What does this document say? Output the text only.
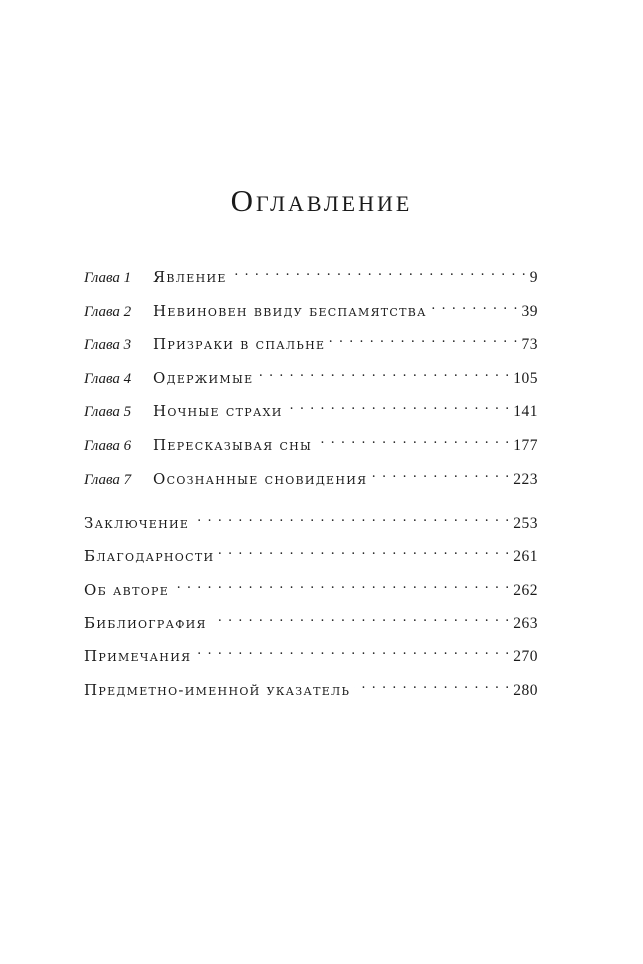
Оглавление
Глава 1	Явление . . .	9
Глава 2	Невиновен ввиду беспамятства . . .	39
Глава 3	Призраки в спальне . . .	73
Глава 4	Одержимые . . .	105
Глава 5	Ночные страхи . . .	141
Глава 6	Пересказывая сны . . .	177
Глава 7	Осознанные сновидения . . .	223
Заключение . . .	253
Благодарности . . .	261
Об авторе . . .	262
Библиография . . .	263
Примечания . . .	270
Предметно-именной указатель . . .	280
